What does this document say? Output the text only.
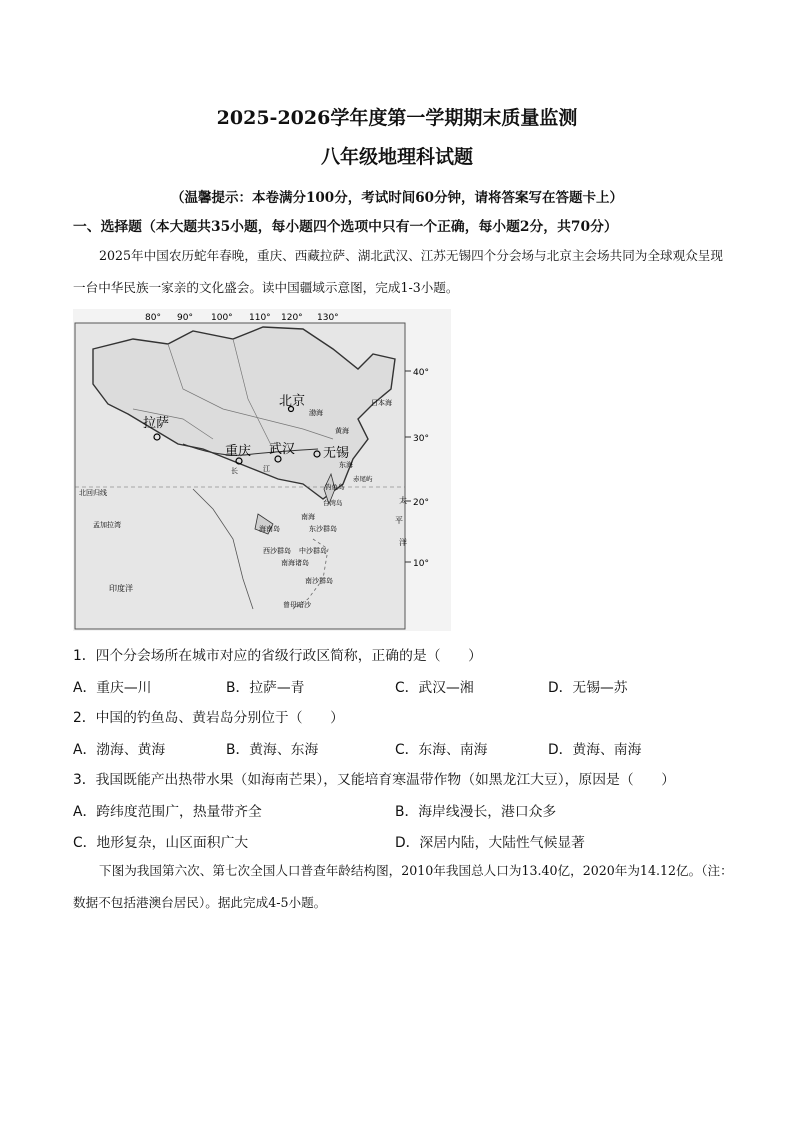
2025-2026学年度第一学期期末质量监测
八年级地理科试题
（温馨提示：本卷满分100分，考试时间60分钟，请将答案写在答题卡上）
一、选择题（本大题共35小题，每小题四个选项中只有一个正确，每小题2分，共70分）
2025年中国农历蛇年春晚，重庆、西藏拉萨、湖北武汉、江苏无锡四个分会场与北京主会场共同为全球观众呈现一台中华民族一家亲的文化盛会。读中国疆域示意图，完成1-3小题。
80° 90° 100° 110° 120° 130°
40°
30°
20°
10°
北京
拉萨
重庆 武汉 无锡
日本海
渤海
黄海
东海
太
平
洋
南海
海南岛	东沙群岛
西沙群岛 中沙群岛
南海诸岛
南沙群岛
曾母暗沙
孟加拉湾
印度洋
北回归线
钓鱼岛
赤尾屿
台湾岛
长	江
1．四个分会场所在城市对应的省级行政区简称，正确的是（　　）
A．重庆—川	B．拉萨—青	C．武汉—湘	D．无锡—苏
2．中国的钓鱼岛、黄岩岛分别位于（　　）
A．渤海、黄海	B．黄海、东海	C．东海、南海	D．黄海、南海
3．我国既能产出热带水果（如海南芒果），又能培育寒温带作物（如黑龙江大豆），原因是（　　）
A．跨纬度范围广，热量带齐全	B．海岸线漫长，港口众多
C．地形复杂，山区面积广大	D．深居内陆，大陆性气候显著
下图为我国第六次、第七次全国人口普查年龄结构图，2010年我国总人口为13.40亿，2020年为14.12亿。（注：数据不包括港澳台居民）。据此完成4-5小题。
